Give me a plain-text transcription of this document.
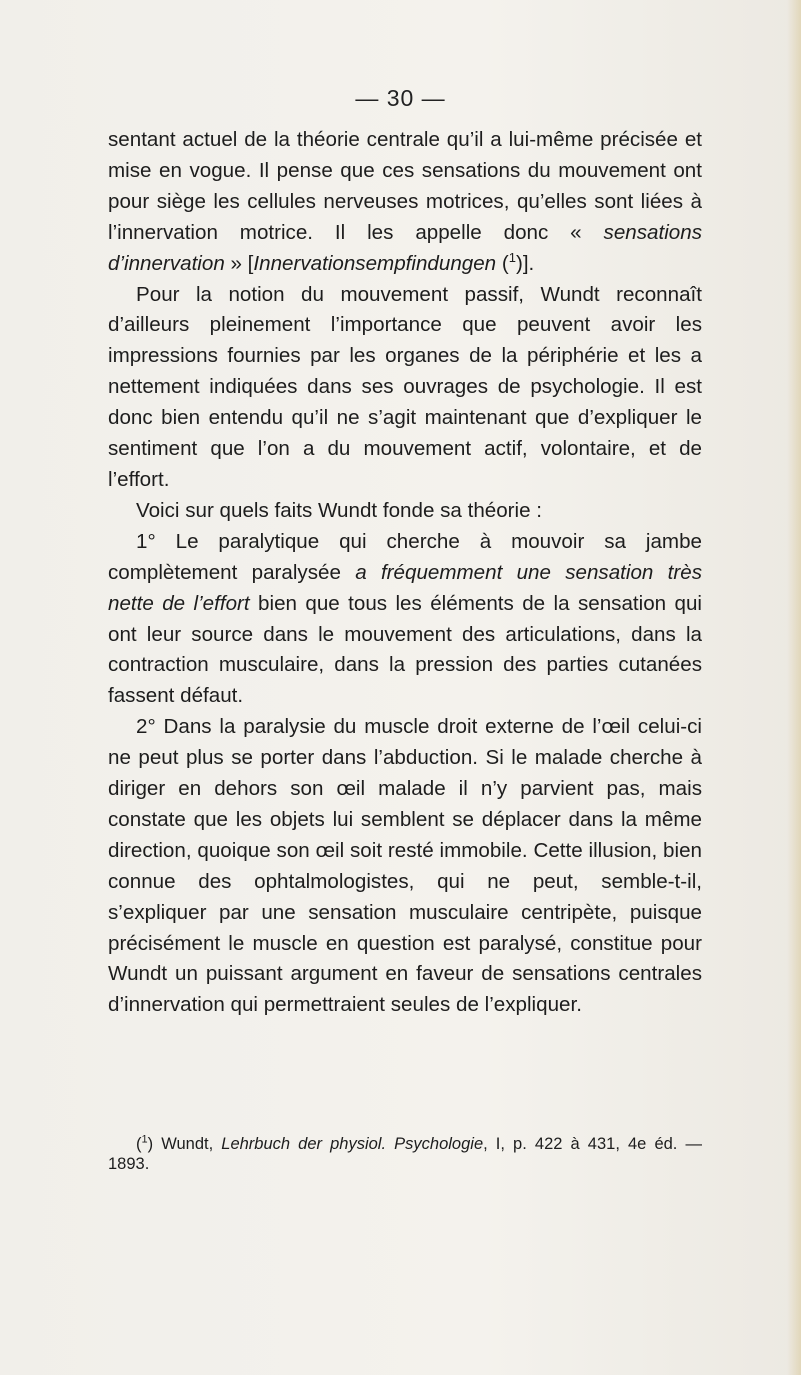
— 30 —

sentant actuel de la théorie centrale qu’il a lui-même précisée et mise en vogue. Il pense que ces sensations du mouvement ont pour siège les cellules nerveuses motrices, qu’elles sont liées à l’innervation motrice. Il les appelle donc « sensations d’innervation » [Innervationsempfindungen ($^1$)].

Pour la notion du mouvement passif, Wundt reconnaît d’ailleurs pleinement l’importance que peuvent avoir les impressions fournies par les organes de la périphérie et les a nettement indiquées dans ses ouvrages de psychologie. Il est donc bien entendu qu’il ne s’agit maintenant que d’expliquer le sentiment que l’on a du mouvement actif, volontaire, et de l’effort.

Voici sur quels faits Wundt fonde sa théorie :

1° Le paralytique qui cherche à mouvoir sa jambe complètement paralysée a fréquemment une sensation très nette de l’effort bien que tous les éléments de la sensation qui ont leur source dans le mouvement des articulations, dans la contraction musculaire, dans la pression des parties cutanées fassent défaut.

2° Dans la paralysie du muscle droit externe de l’œil celui-ci ne peut plus se porter dans l’abduction. Si le malade cherche à diriger en dehors son œil malade il n’y parvient pas, mais constate que les objets lui semblent se déplacer dans la même direction, quoique son œil soit resté immobile. Cette illusion, bien connue des ophtalmologistes, qui ne peut, semble-t-il, s’expliquer par une sensation musculaire centripète, puisque précisément le muscle en question est paralysé, constitue pour Wundt un puissant argument en faveur de sensations centrales d’innervation qui permettraient seules de l’expliquer.

($^1$) Wundt, Lehrbuch der physiol. Psychologie, I, p. 422 à 431, 4e éd. — 1893.
